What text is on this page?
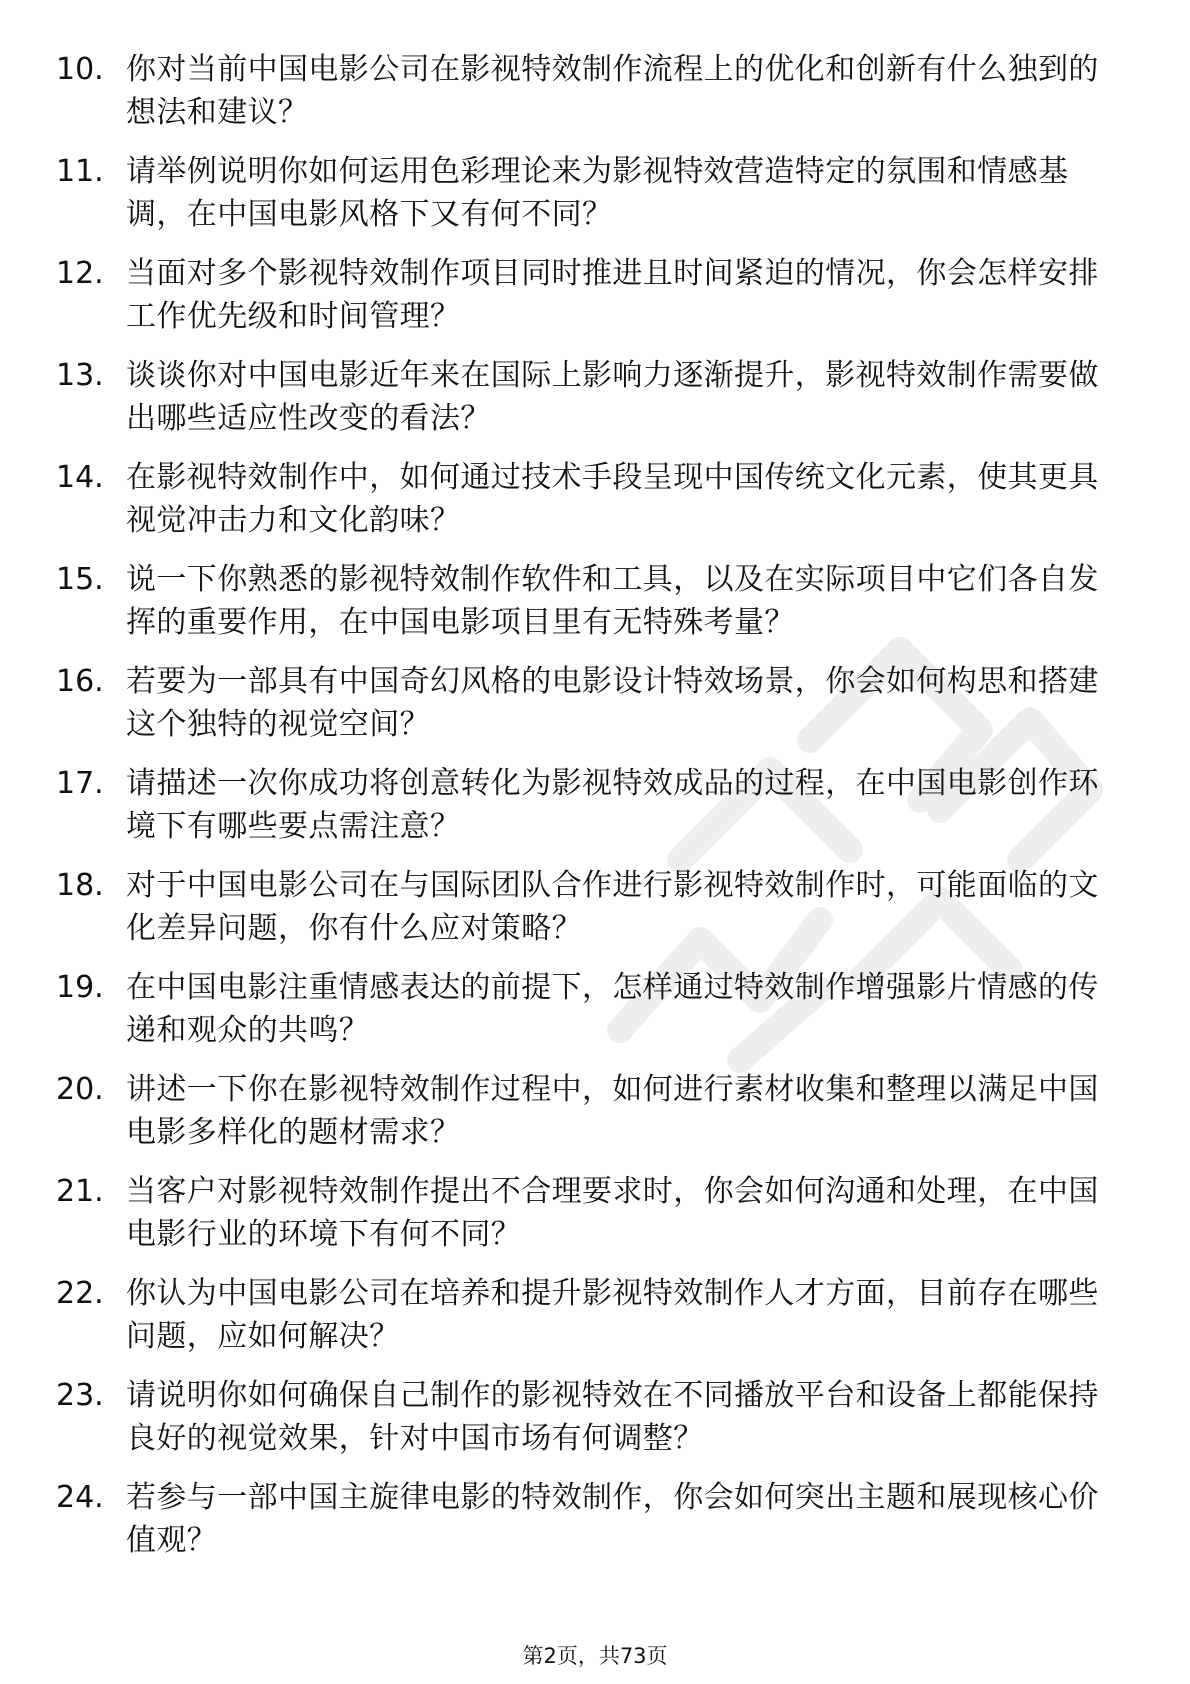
10. 你对当前中国电影公司在影视特效制作流程上的优化和创新有什么独到的想法和建议？
11. 请举例说明你如何运用色彩理论来为影视特效营造特定的氛围和情感基调，在中国电影风格下又有何不同？
12. 当面对多个影视特效制作项目同时推进且时间紧迫的情况，你会怎样安排工作优先级和时间管理？
13. 谈谈你对中国电影近年来在国际上影响力逐渐提升，影视特效制作需要做出哪些适应性改变的看法？
14. 在影视特效制作中，如何通过技术手段呈现中国传统文化元素，使其更具视觉冲击力和文化韵味？
15. 说一下你熟悉的影视特效制作软件和工具，以及在实际项目中它们各自发挥的重要作用，在中国电影项目里有无特殊考量？
16. 若要为一部具有中国奇幻风格的电影设计特效场景，你会如何构思和搭建这个独特的视觉空间？
17. 请描述一次你成功将创意转化为影视特效成品的过程，在中国电影创作环境下有哪些要点需注意？
18. 对于中国电影公司在与国际团队合作进行影视特效制作时，可能面临的文化差异问题，你有什么应对策略？
19. 在中国电影注重情感表达的前提下，怎样通过特效制作增强影片情感的传递和观众的共鸣？
20. 讲述一下你在影视特效制作过程中，如何进行素材收集和整理以满足中国电影多样化的题材需求？
21. 当客户对影视特效制作提出不合理要求时，你会如何沟通和处理，在中国电影行业的环境下有何不同？
22. 你认为中国电影公司在培养和提升影视特效制作人才方面，目前存在哪些问题，应如何解决？
23. 请说明你如何确保自己制作的影视特效在不同播放平台和设备上都能保持良好的视觉效果，针对中国市场有何调整？
24. 若参与一部中国主旋律电影的特效制作，你会如何突出主题和展现核心价值观？
第2页，共73页
